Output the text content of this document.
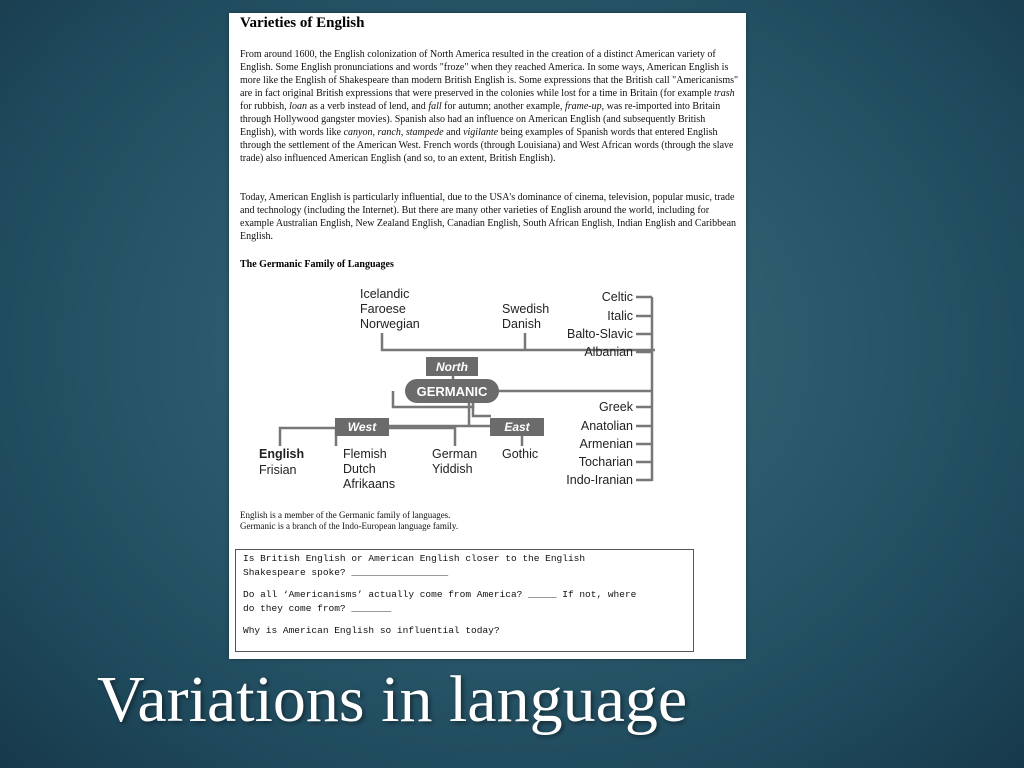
Varieties of English

From around 1600, the English colonization of North America resulted in the creation of a distinct American variety of English. Some English pronunciations and words "froze" when they reached America. In some ways, American English is more like the English of Shakespeare than modern British English is. Some expressions that the British call "Americanisms" are in fact original British expressions that were preserved in the colonies while lost for a time in Britain (for example trash for rubbish, loan as a verb instead of lend, and fall for autumn; another example, frame-up, was re-imported into Britain through Hollywood gangster movies). Spanish also had an influence on American English (and subsequently British English), with words like canyon, ranch, stampede and vigilante being examples of Spanish words that entered English through the settlement of the American West. French words (through Louisiana) and West African words (through the slave trade) also influenced American English (and so, to an extent, British English).

Today, American English is particularly influential, due to the USA's dominance of cinema, television, popular music, trade and technology (including the Internet). But there are many other varieties of English around the world, including for example Australian English, New Zealand English, Canadian English, South African English, Indian English and Caribbean English.

The Germanic Family of Languages
North
GERMANIC
West	East
Icelandic
Faroese
Norwegian
Swedish
Danish
English
Frisian
Flemish
Dutch
Afrikaans
German
Yiddish
Gothic
Celtic
Italic
Balto-Slavic
Albanian
Greek
Anatolian
Armenian
Tocharian
Indo-Iranian
English is a member of the Germanic family of languages.
Germanic is a branch of the Indo-European language family.

Is British English or American English closer to the English
Shakespeare spoke? _________________

Do all ‘Americanisms’ actually come from America? _____ If not, where
do they come from? _______

Why is American English so influential today?

Variations in language
